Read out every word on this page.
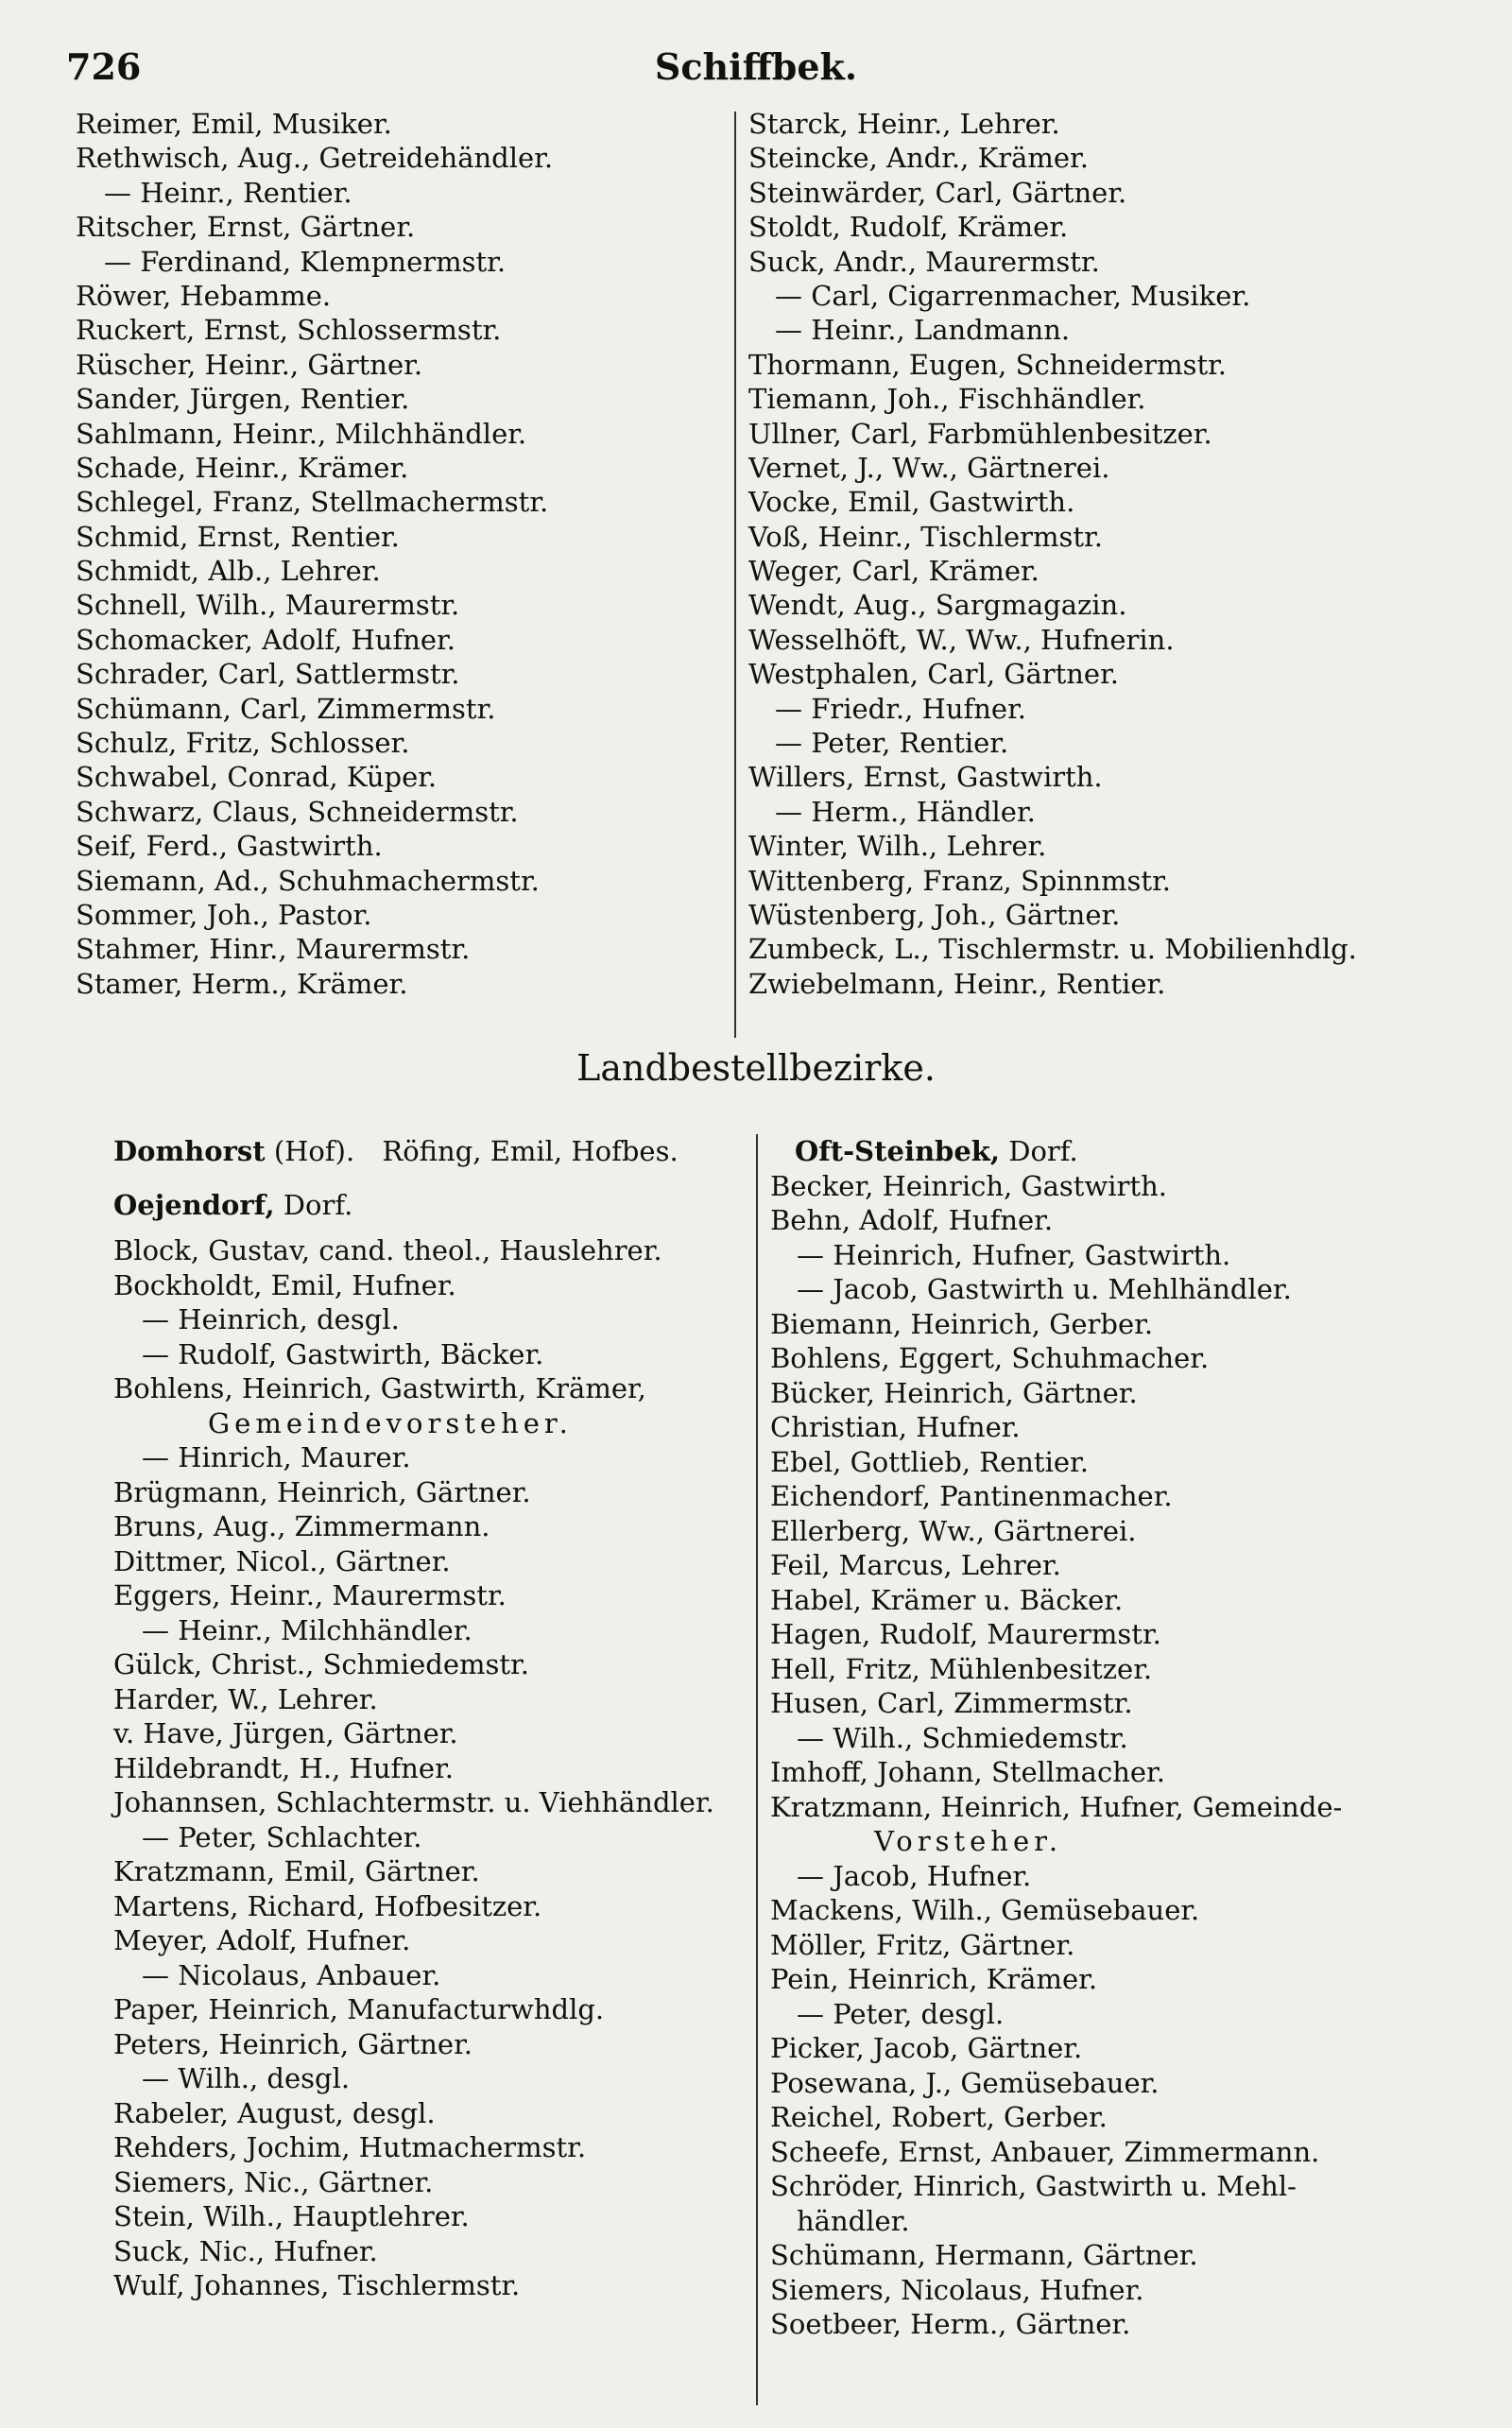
726	Schiffbek.
Reimer, Emil, Musiker.
Rethwisch, Aug., Getreidehändler.
— Heinr., Rentier.
Ritscher, Ernst, Gärtner.
— Ferdinand, Klempnermstr.
Röwer, Hebamme.
Ruckert, Ernst, Schlossermstr.
Rüscher, Heinr., Gärtner.
Sander, Jürgen, Rentier.
Sahlmann, Heinr., Milchhändler.
Schade, Heinr., Krämer.
Schlegel, Franz, Stellmachermstr.
Schmid, Ernst, Rentier.
Schmidt, Alb., Lehrer.
Schnell, Wilh., Maurermstr.
Schomacker, Adolf, Hufner.
Schrader, Carl, Sattlermstr.
Schümann, Carl, Zimmermstr.
Schulz, Fritz, Schlosser.
Schwabel, Conrad, Küper.
Schwarz, Claus, Schneidermstr.
Seif, Ferd., Gastwirth.
Siemann, Ad., Schuhmachermstr.
Sommer, Joh., Pastor.
Stahmer, Hinr., Maurermstr.
Stamer, Herm., Krämer.
Starck, Heinr., Lehrer.
Steincke, Andr., Krämer.
Steinwärder, Carl, Gärtner.
Stoldt, Rudolf, Krämer.
Suck, Andr., Maurermstr.
— Carl, Cigarrenmacher, Musiker.
— Heinr., Landmann.
Thormann, Eugen, Schneidermstr.
Tiemann, Joh., Fischhändler.
Ullner, Carl, Farbmühlenbesitzer.
Vernet, J., Ww., Gärtnerei.
Vocke, Emil, Gastwirth.
Voß, Heinr., Tischlermstr.
Weger, Carl, Krämer.
Wendt, Aug., Sargmagazin.
Wesselhöft, W., Ww., Hufnerin.
Westphalen, Carl, Gärtner.
— Friedr., Hufner.
— Peter, Rentier.
Willers, Ernst, Gastwirth.
— Herm., Händler.
Winter, Wilh., Lehrer.
Wittenberg, Franz, Spinnmstr.
Wüstenberg, Joh., Gärtner.
Zumbeck, L., Tischlermstr. u. Mobilienhdlg.
Zwiebelmann, Heinr., Rentier.
Landbestellbezirke.
Domhorst (Hof). Röfing, Emil, Hofbes.
Oejendorf, Dorf.
Block, Gustav, cand. theol., Hauslehrer.
Bockholdt, Emil, Hufner.
— Heinrich, desgl.
— Rudolf, Gastwirth, Bäcker.
Bohlens, Heinrich, Gastwirth, Krämer,
Gemeindevorsteher.
— Hinrich, Maurer.
Brügmann, Heinrich, Gärtner.
Bruns, Aug., Zimmermann.
Dittmer, Nicol., Gärtner.
Eggers, Heinr., Maurermstr.
— Heinr., Milchhändler.
Gülck, Christ., Schmiedemstr.
Harder, W., Lehrer.
v. Have, Jürgen, Gärtner.
Hildebrandt, H., Hufner.
Johannsen, Schlachtermstr. u. Viehhändler.
— Peter, Schlachter.
Kratzmann, Emil, Gärtner.
Martens, Richard, Hofbesitzer.
Meyer, Adolf, Hufner.
— Nicolaus, Anbauer.
Paper, Heinrich, Manufacturwhdlg.
Peters, Heinrich, Gärtner.
— Wilh., desgl.
Rabeler, August, desgl.
Rehders, Jochim, Hutmachermstr.
Siemers, Nic., Gärtner.
Stein, Wilh., Hauptlehrer.
Suck, Nic., Hufner.
Wulf, Johannes, Tischlermstr.
Oft-Steinbek, Dorf.
Becker, Heinrich, Gastwirth.
Behn, Adolf, Hufner.
— Heinrich, Hufner, Gastwirth.
— Jacob, Gastwirth u. Mehlhändler.
Biemann, Heinrich, Gerber.
Bohlens, Eggert, Schuhmacher.
Bücker, Heinrich, Gärtner.
Christian, Hufner.
Ebel, Gottlieb, Rentier.
Eichendorf, Pantinenmacher.
Ellerberg, Ww., Gärtnerei.
Feil, Marcus, Lehrer.
Habel, Krämer u. Bäcker.
Hagen, Rudolf, Maurermstr.
Hell, Fritz, Mühlenbesitzer.
Husen, Carl, Zimmermstr.
— Wilh., Schmiedemstr.
Imhoff, Johann, Stellmacher.
Kratzmann, Heinrich, Hufner, Gemeinde-
Vorsteher.
— Jacob, Hufner.
Mackens, Wilh., Gemüsebauer.
Möller, Fritz, Gärtner.
Pein, Heinrich, Krämer.
— Peter, desgl.
Picker, Jacob, Gärtner.
Posewana, J., Gemüsebauer.
Reichel, Robert, Gerber.
Scheefe, Ernst, Anbauer, Zimmermann.
Schröder, Hinrich, Gastwirth u. Mehl-
händler.
Schümann, Hermann, Gärtner.
Siemers, Nicolaus, Hufner.
Soetbeer, Herm., Gärtner.
